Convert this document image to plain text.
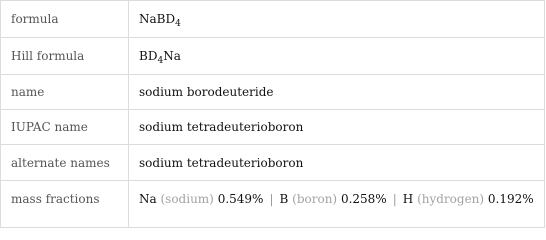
formula	NaBD$_4$
Hill formula	$BD_4Na$
name	sodium borodeuteride
IUPAC name	sodium tetradeuterioboron
alternate names	sodium tetradeuterioboron
mass fractions	Na (sodium) 0.549% | B (boron) 0.258% | H (hydrogen) 0.192%
